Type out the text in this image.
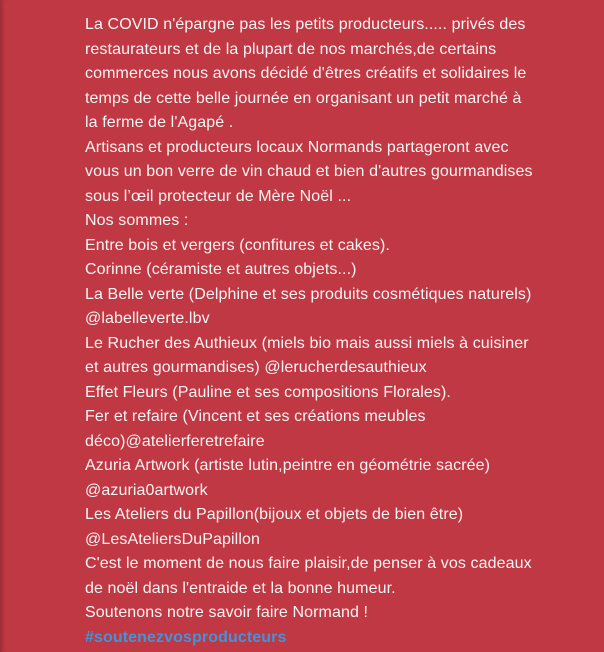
La COVID n'épargne pas les petits producteurs..... privés des
restaurateurs et de la plupart de nos marchés,de certains
commerces nous avons décidé d'êtres créatifs et solidaires le
temps de cette belle journée en organisant un petit marché à
la ferme de l'Agapé .
Artisans et producteurs locaux Normands partageront avec
vous un bon verre de vin chaud et bien d'autres gourmandises
sous l’œil protecteur de Mère Noël ...
Nos sommes :
Entre bois et vergers (confitures et cakes).
Corinne (céramiste et autres objets...)
La Belle verte (Delphine et ses produits cosmétiques naturels)
@labelleverte.lbv
Le Rucher des Authieux (miels bio mais aussi miels à cuisiner
et autres gourmandises) @lerucherdesauthieux
Effet Fleurs (Pauline et ses compositions Florales).
Fer et refaire (Vincent et ses créations meubles
déco)@atelierferetrefaire
Azuria Artwork (artiste lutin,peintre en géométrie sacrée)
@azuria0artwork
Les Ateliers du Papillon(bijoux et objets de bien être)
@LesAteliersDuPapillon
C'est le moment de nous faire plaisir,de penser à vos cadeaux
de noël dans l'entraide et la bonne humeur.
Soutenons notre savoir faire Normand !
#soutenezvosproducteurs
